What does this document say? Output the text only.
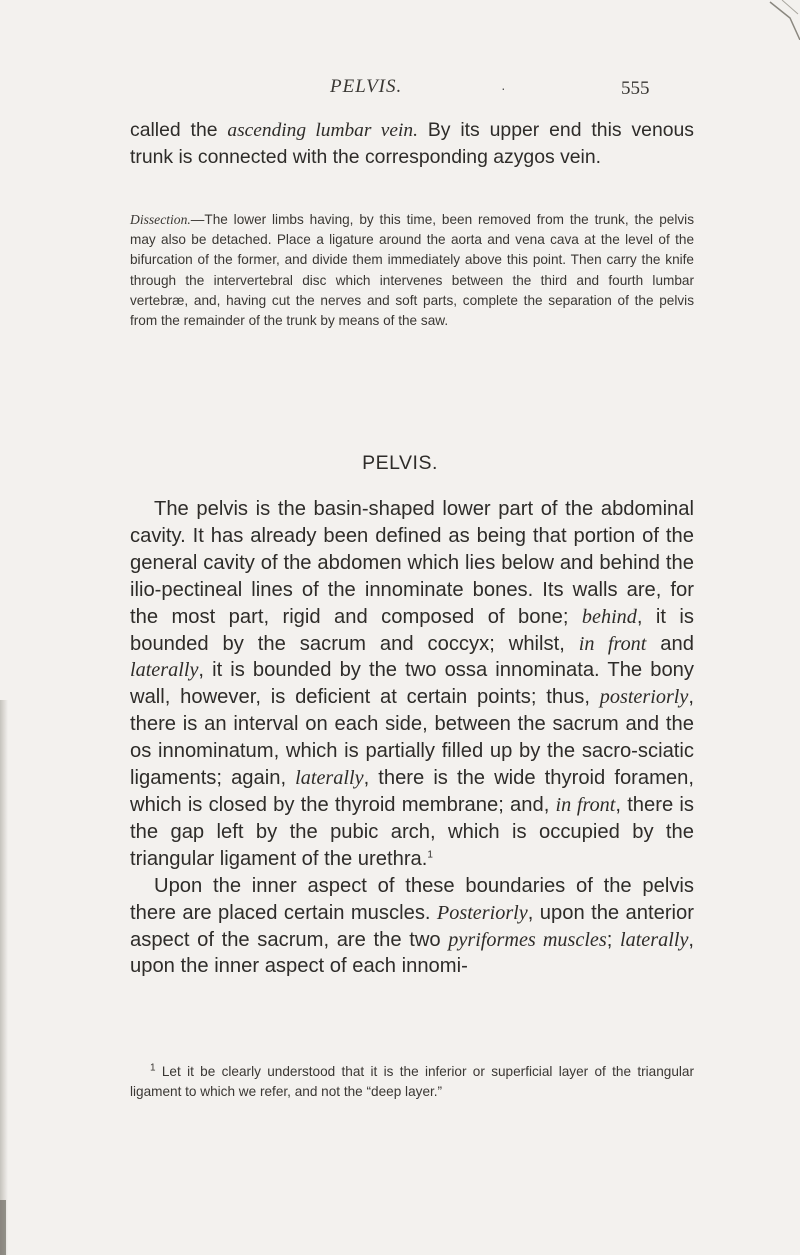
PELVIS.	·	555

called the ascending lumbar vein. By its upper end this venous trunk is connected with the corresponding azygos vein.

Dissection.—The lower limbs having, by this time, been removed from the trunk, the pelvis may also be detached. Place a ligature around the aorta and vena cava at the level of the bifurcation of the former, and divide them immediately above this point. Then carry the knife through the intervertebral disc which intervenes between the third and fourth lumbar vertebræ, and, having cut the nerves and soft parts, complete the separation of the pelvis from the remainder of the trunk by means of the saw.

PELVIS.

The pelvis is the basin-shaped lower part of the abdominal cavity. It has already been defined as being that portion of the general cavity of the abdomen which lies below and behind the ilio-pectineal lines of the innominate bones. Its walls are, for the most part, rigid and composed of bone; behind, it is bounded by the sacrum and coccyx; whilst, in front and laterally, it is bounded by the two ossa innominata. The bony wall, however, is deficient at certain points; thus, posteriorly, there is an interval on each side, between the sacrum and the os innominatum, which is partially filled up by the sacro-sciatic ligaments; again, laterally, there is the wide thyroid foramen, which is closed by the thyroid membrane; and, in front, there is the gap left by the pubic arch, which is occupied by the triangular ligament of the urethra.$^1$

Upon the inner aspect of these boundaries of the pelvis there are placed certain muscles. Posteriorly, upon the anterior aspect of the sacrum, are the two pyriformes muscles; laterally, upon the inner aspect of each innomi-

$^1$ Let it be clearly understood that it is the inferior or superficial layer of the triangular ligament to which we refer, and not the “deep layer.”
